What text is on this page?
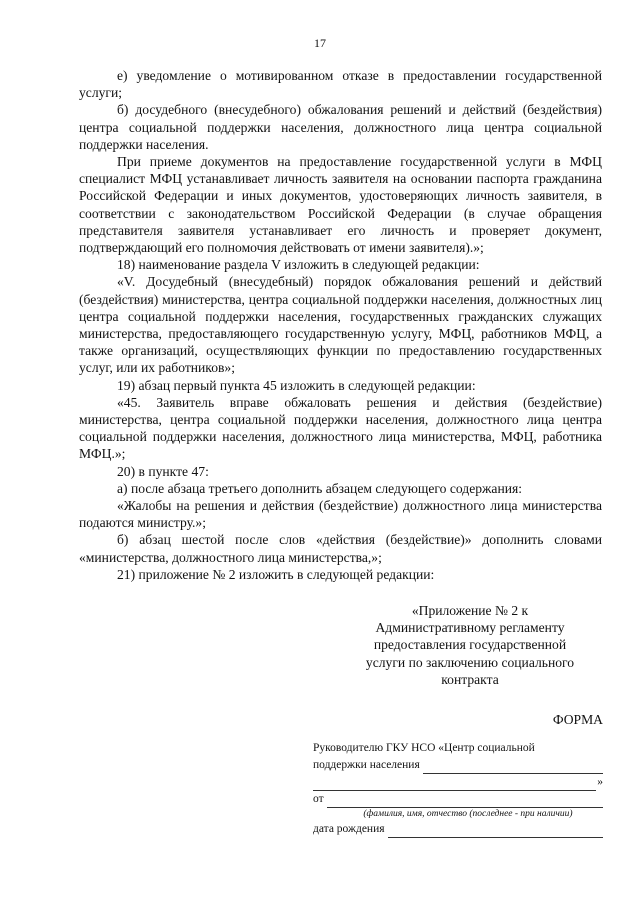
17

е) уведомление о мотивированном отказе в предоставлении государственной услуги;

б) досудебного (внесудебного) обжалования решений и действий (бездействия) центра социальной поддержки населения, должностного лица центра социальной поддержки населения.

При приеме документов на предоставление государственной услуги в МФЦ специалист МФЦ устанавливает личность заявителя на основании паспорта гражданина Российской Федерации и иных документов, удостоверяющих личность заявителя, в соответствии с законодательством Российской Федерации (в случае обращения представителя заявителя устанавливает его личность и проверяет документ, подтверждающий его полномочия действовать от имени заявителя).»;

18) наименование раздела V изложить в следующей редакции:

«V. Досудебный (внесудебный) порядок обжалования решений и действий (бездействия) министерства, центра социальной поддержки населения, должностных лиц центра социальной поддержки населения, государственных гражданских служащих министерства, предоставляющего государственную услугу, МФЦ, работников МФЦ, а также организаций, осуществляющих функции по предоставлению государственных услуг, или их работников»;

19) абзац первый пункта 45 изложить в следующей редакции:

«45. Заявитель вправе обжаловать решения и действия (бездействие) министерства, центра социальной поддержки населения, должностного лица центра социальной поддержки населения, должностного лица министерства, МФЦ, работника МФЦ.»;

20) в пункте 47:

а) после абзаца третьего дополнить абзацем следующего содержания:

«Жалобы на решения и действия (бездействие) должностного лица министерства подаются министру.»;

б) абзац шестой после слов «действия (бездействие)» дополнить словами «министерства, должностного лица министерства,»;

21) приложение № 2 изложить в следующей редакции:

«Приложение № 2 к
Административному регламенту
предоставления государственной
услуги по заключению социального
контракта
ФОРМА
Руководителю ГКУ НСО «Центр социальной
поддержки населения
»
от
(фамилия, имя, отчество (последнее - при наличии)
дата рождения
